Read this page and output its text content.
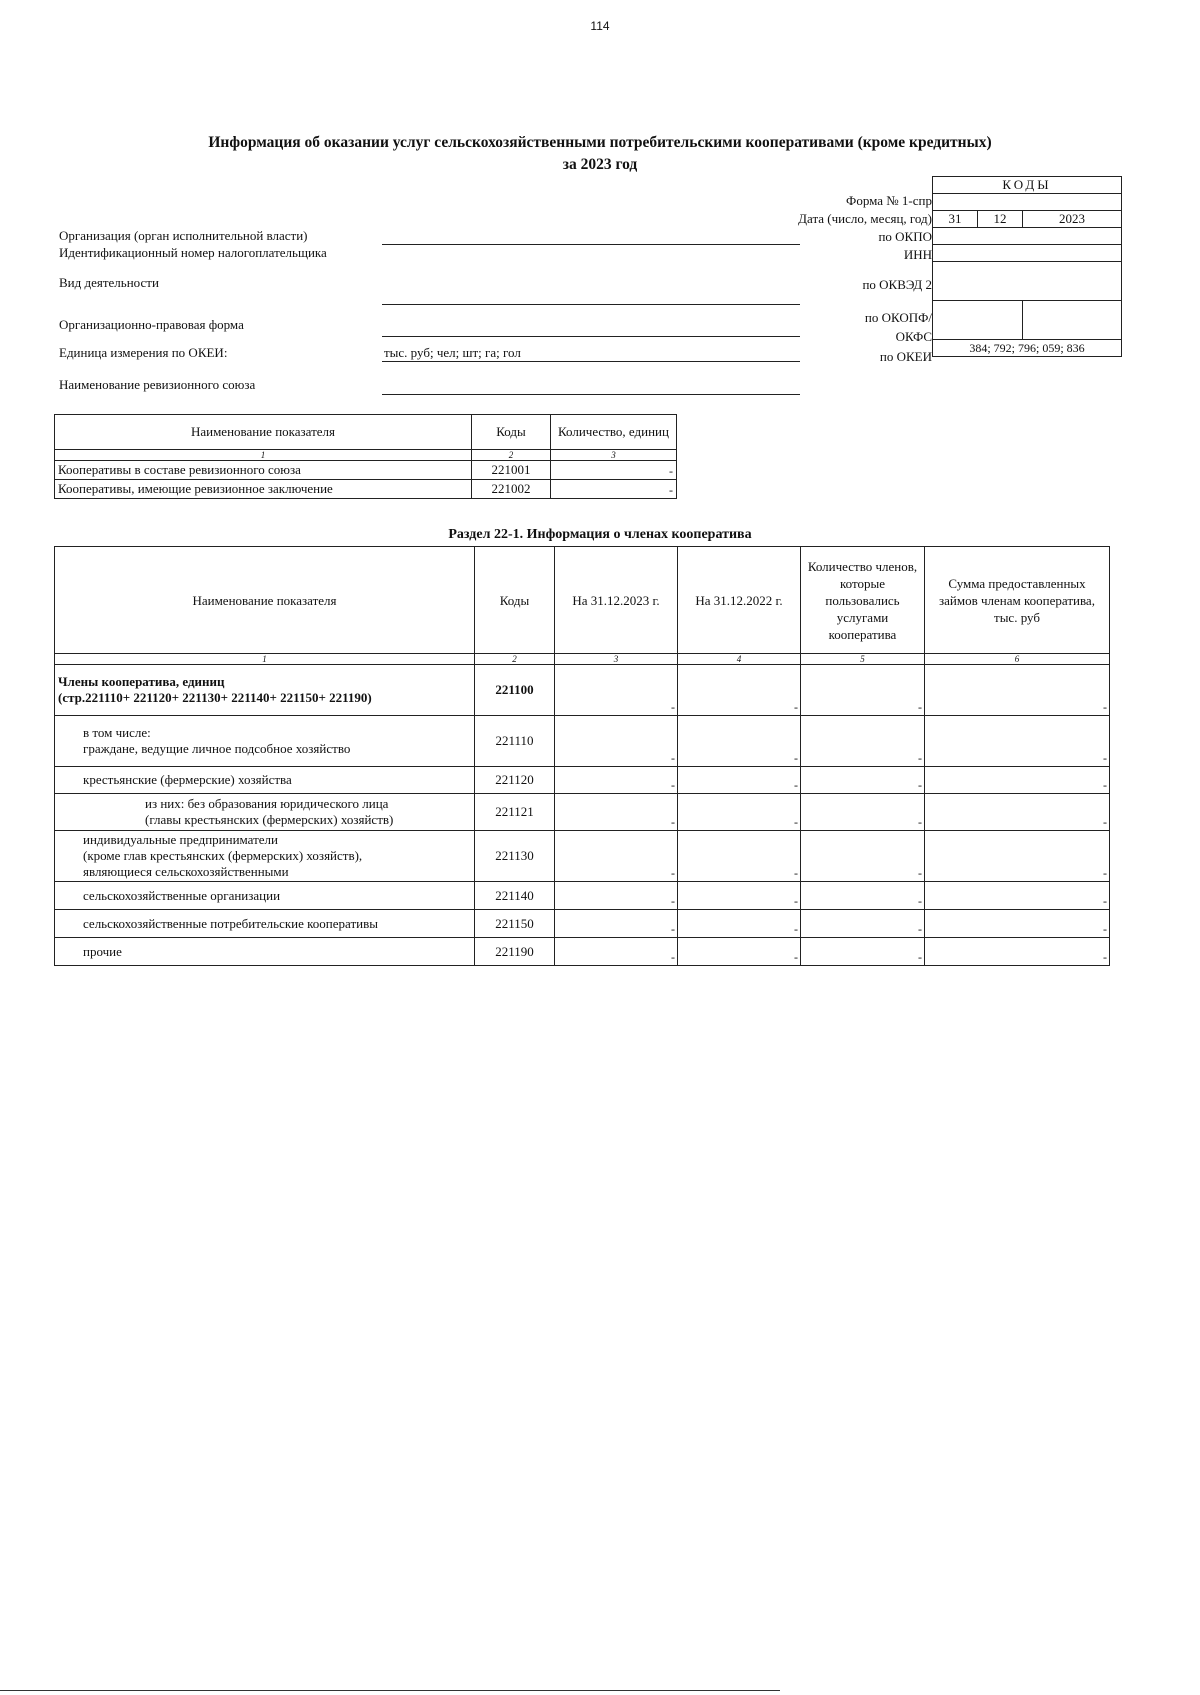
114
Информация об оказании услуг сельскохозяйственными потребительскими кооперативами (кроме кредитных)
за 2023 год
Форма № 1-спр
Дата (число, месяц, год)
по ОКПО
ИНН
по ОКВЭД 2
по ОКОПФ/
ОКФС
по ОКЕИ
КОДЫ		

31	12	2023

384; 792; 796; 059; 836		
Организация (орган исполнительной власти)
Идентификационный номер налогоплательщика
Вид деятельности
Организационно-правовая форма
Единица измерения по ОКЕИ:	тыс. руб; чел; шт; га; гол
Наименование ревизионного союза
Наименование показателя	Коды	Количество, единиц
1	2	3
Кооперативы в составе ревизионного союза	221001	-
Кооперативы, имеющие ревизионное заключение	221002	-
Раздел 22-1. Информация о членах кооператива
Наименование показателя	Коды	На 31.12.2023 г.	На 31.12.2022 г.	Количество членов, которые пользовались услугами кооператива	Сумма предоставленных займов членам кооператива, тыс. руб
1	2	3	4	5	6

Члены кооператива, единиц
(стр.221110+ 221120+ 221130+ 221140+ 221150+ 221190)	221100	-	-	-	-

в том числе:
граждане, ведущие личное подсобное хозяйство	221110	-	-	-	-
крестьянские (фермерские) хозяйства	221120	-	-	-	-

из них: без образования юридического лица
(главы крестьянских (фермерских) хозяйств)	221121	-	-	-	-

индивидуальные предприниматели
(кроме глав крестьянских (фермерских) хозяйств),
являющиеся сельскохозяйственными	221130	-	-	-	-
сельскохозяйственные организации	221140	-	-	-	-
сельскохозяйственные потребительские кооперативы	221150	-	-	-	-
прочие	221190	-	-	-	-
